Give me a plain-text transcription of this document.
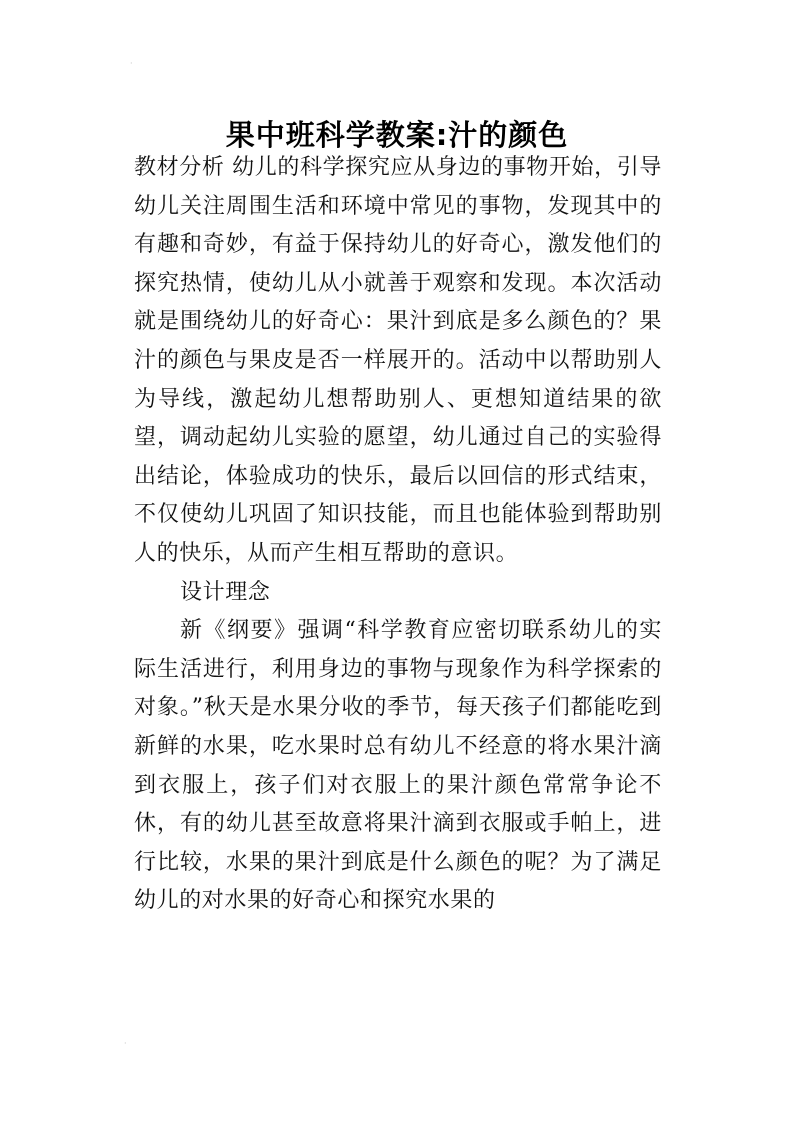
·
果中班科学教案:汁的颜色

教材分析 幼儿的科学探究应从身边的事物开始，引导幼儿关注周围生活和环境中常见的事物，发现其中的有趣和奇妙，有益于保持幼儿的好奇心，激发他们的探究热情，使幼儿从小就善于观察和发现。本次活动就是围绕幼儿的好奇心：果汁到底是多么颜色的？果汁的颜色与果皮是否一样展开的。活动中以帮助别人为导线，激起幼儿想帮助别人、更想知道结果的欲望，调动起幼儿实验的愿望，幼儿通过自己的实验得出结论，体验成功的快乐，最后以回信的形式结束，不仅使幼儿巩固了知识技能，而且也能体验到帮助别人的快乐，从而产生相互帮助的意识。

设计理念

新《纲要》强调“科学教育应密切联系幼儿的实际生活进行，利用身边的事物与现象作为科学探索的对象。”秋天是水果分收的季节，每天孩子们都能吃到新鲜的水果，吃水果时总有幼儿不经意的将水果汁滴到衣服上，孩子们对衣服上的果汁颜色常常争论不休，有的幼儿甚至故意将果汁滴到衣服或手帕上，进行比较，水果的果汁到底是什么颜色的呢？为了满足幼儿的对水果的好奇心和探究水果的

·
